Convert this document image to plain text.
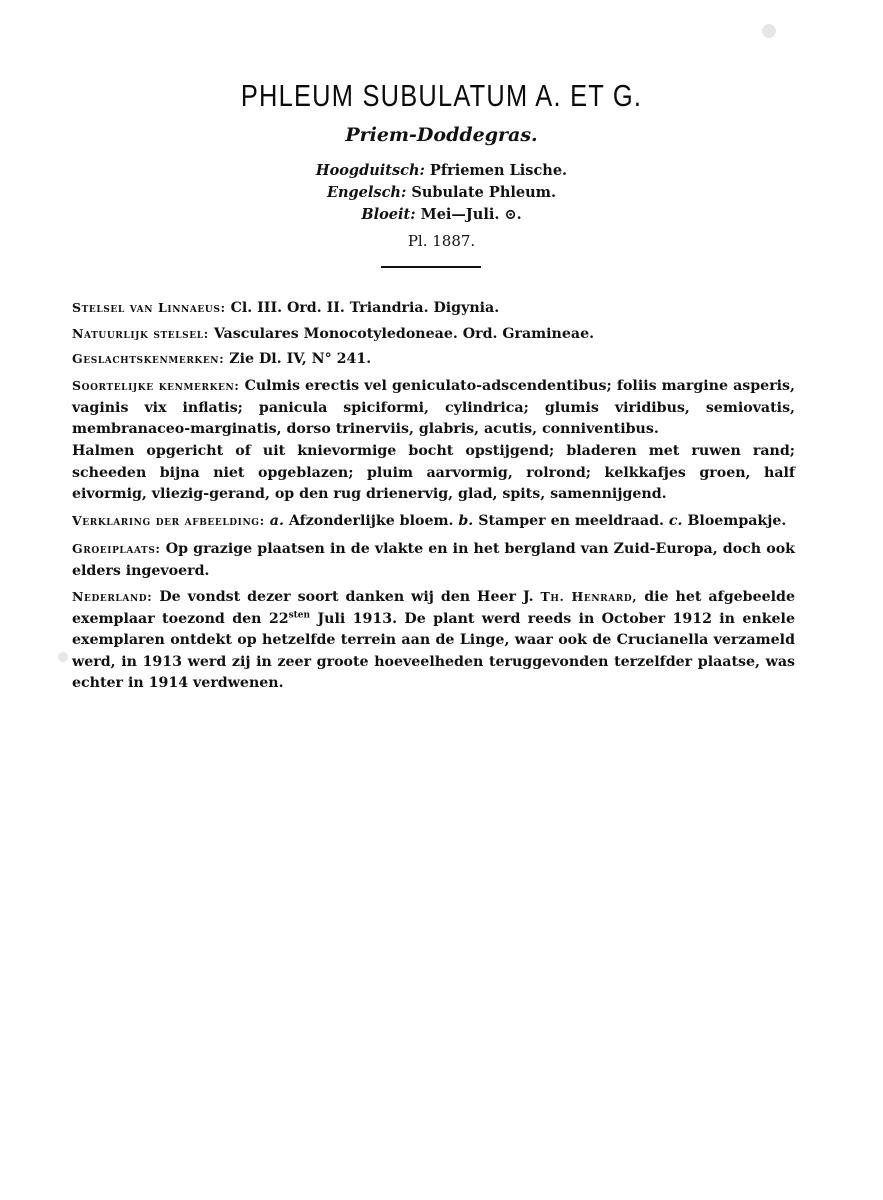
PHLEUM SUBULATUM A. ET G.
Priem-Doddegras.
Hoogduitsch: Pfriemen Lische.
Engelsch: Subulate Phleum.
Bloeit: Mei—Juli. ⊙.
Pl. 1887.

Stelsel van Linnaeus: Cl. III. Ord. II. Triandria. Digynia.

Natuurlijk stelsel: Vasculares Monocotyledoneae. Ord. Gramineae.

Geslachtskenmerken: Zie Dl. IV, N° 241.

Soortelijke kenmerken: Culmis erectis vel geniculato-adscendentibus; foliis margine asperis, vaginis vix inflatis; panicula spiciformi, cylindrica; glumis viridibus, semiovatis, membranaceo-marginatis, dorso trinerviis, glabris, acutis, conniventibus.

Halmen opgericht of uit knievormige bocht opstijgend; bladeren met ruwen rand; scheeden bijna niet opgeblazen; pluim aarvormig, rolrond; kelkkafjes groen, half eivormig, vliezig-gerand, op den rug drienervig, glad, spits, samennijgend.

Verklaring der afbeelding: a. Afzonderlijke bloem. b. Stamper en meeldraad. c. Bloempakje.

Groeiplaats: Op grazige plaatsen in de vlakte en in het bergland van Zuid-Europa, doch ook elders ingevoerd.

Nederland: De vondst dezer soort danken wij den Heer J. Th. Henrard, die het afgebeelde exemplaar toezond den $22^{sten}$ Juli 1913. De plant werd reeds in October 1912 in enkele exemplaren ontdekt op hetzelfde terrein aan de Linge, waar ook de Crucianella verzameld werd, in 1913 werd zij in zeer groote hoeveelheden teruggevonden terzelfder plaatse, was echter in 1914 verdwenen.
